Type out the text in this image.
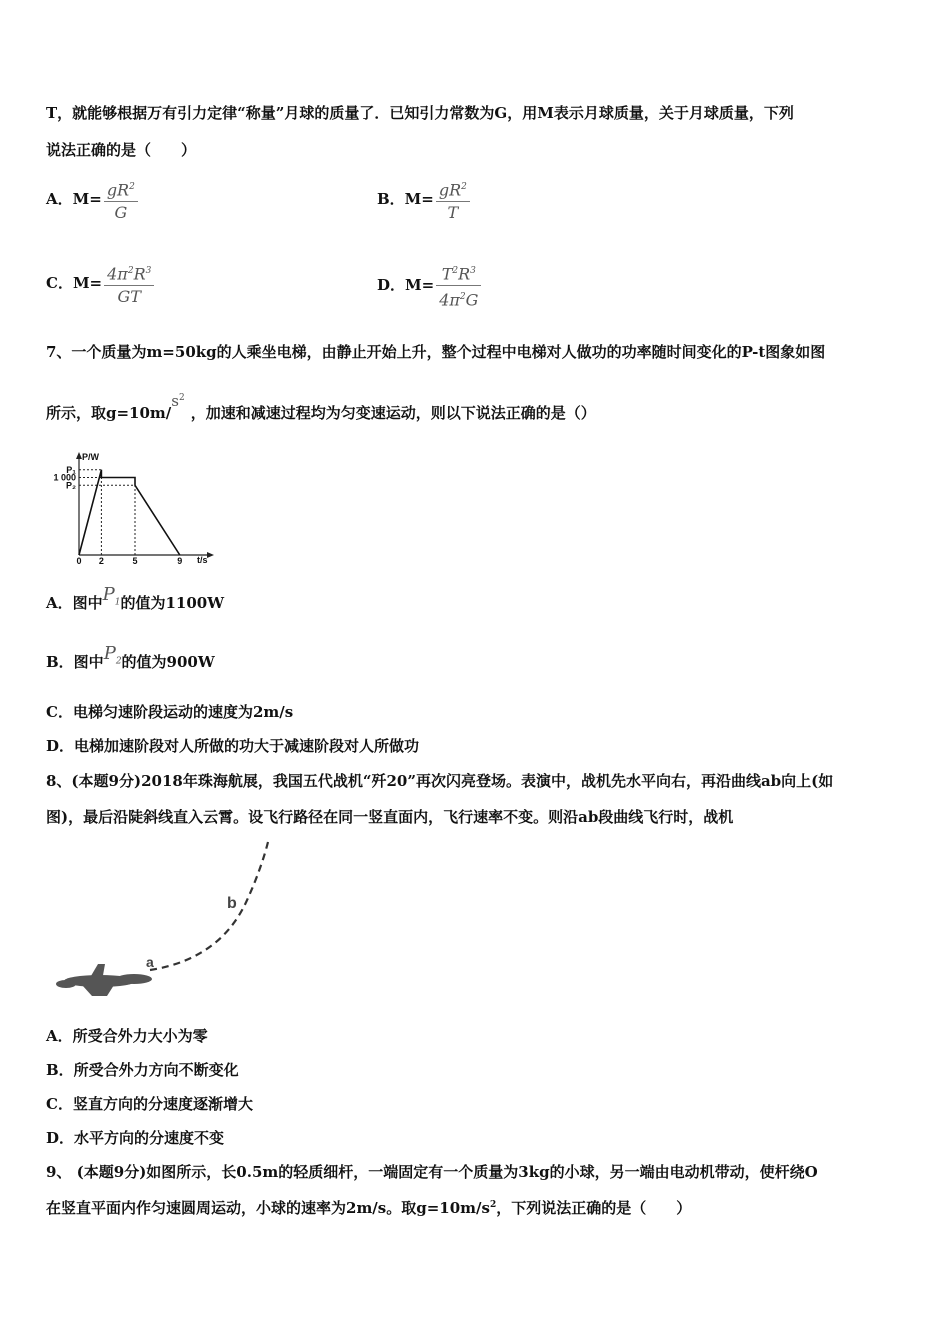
T，就能够根据万有引力定律“称量”月球的质量了．已知引力常数为G，用M表示月球质量，关于月球质量，下列
说法正确的是（　　）
A．$M= \frac{gR^2}{G}$	B．$M= \frac{gR^2}{T}$
C．$M= \frac{4\pi^2R^3}{GT}$	D．$M= \frac{T^2R^3}{4\pi^2G}$
7、一个质量为m=50kg的人乘坐电梯，由静止开始上升，整个过程中电梯对人做功的功率随时间变化的P-t图象如图
所示，取$g=10m/s^2$，加速和减速过程均为匀变速运动，则以下说法正确的是（）
P/W
t/s
P₁
1 000
P₂
0 2	5	9
A．图中$P_1$的值为1100W
B．图中$P_2$的值为900W
C．电梯匀速阶段运动的速度为2m/s
D．电梯加速阶段对人所做的功大于减速阶段对人所做功
8、(本题9分)2018年珠海航展，我国五代战机“歼20”再次闪亮登场。表演中，战机先水平向右，再沿曲线ab向上(如
图)，最后沿陡斜线直入云霄。设飞行路径在同一竖直面内，飞行速率不变。则沿ab段曲线飞行时，战机
a
b
A．所受合外力大小为零
B．所受合外力方向不断变化
C．竖直方向的分速度逐渐增大
D．水平方向的分速度不变
9、 (本题9分)如图所示，长0.5m的轻质细杆，一端固定有一个质量为3kg的小球，另一端由电动机带动，使杆绕O
在竖直平面内作匀速圆周运动，小球的速率为2m/s。取$g=10m/s^2$，下列说法正确的是（　　）
